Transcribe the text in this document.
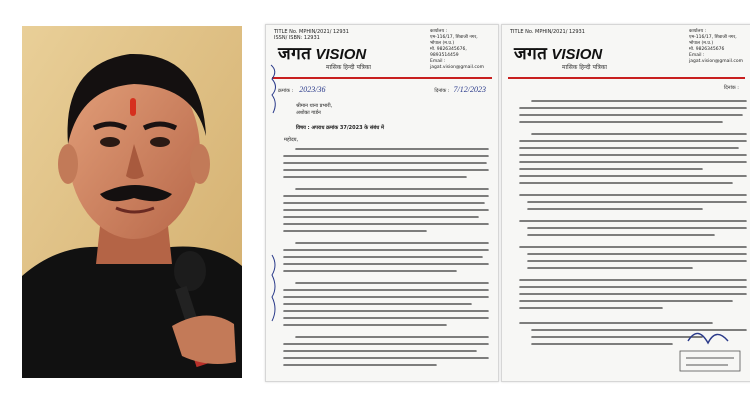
TITLE No. MPHIN/2021/ 12931
ISSN/ ISBN: 12931
जगत VISION
मासिक हिन्दी पत्रिका
कार्यालय :
एम-116/17, शिवाजी नगर,
भोपाल (म.प्र.)
मो. 9826345676, 9893514459
Email : jagat.vision@gmail.com
क्रमांक : 2023/36	दिनांक : 7/12/2023
श्रीमान थाना प्रभारी,
अशोका गार्डन
विषय : अपराध क्रमांक 37/2023 के संबंध में
महोदय,
TITLE No. MPHIN/2021/ 12931
जगत VISION
मासिक हिन्दी पत्रिका
कार्यालय :
एम-116/17, शिवाजी नगर,
भोपाल (म.प्र.)
मो. 9826345676
Email : jagat.vision@gmail.com
दिनांक :
